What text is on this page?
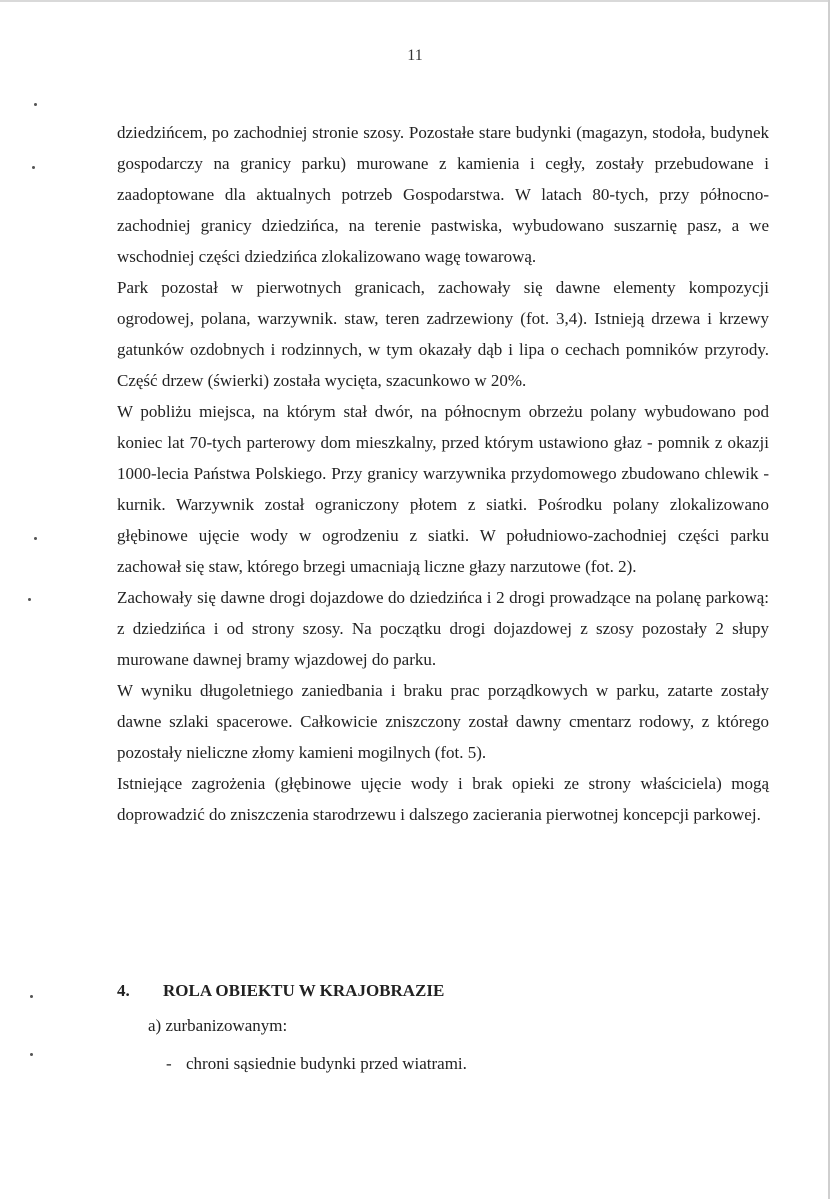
11

dziedzińcem, po zachodniej stronie szosy. Pozostałe stare budynki (magazyn, stodoła, budynek gospodarczy na granicy parku) murowane z kamienia i cegły, zostały przebudowane i zaadoptowane dla aktualnych potrzeb Gospodarstwa. W latach 80-tych, przy północno-zachodniej granicy dziedzińca, na terenie pastwiska, wybudowano suszarnię pasz, a we wschodniej części dziedzińca zlokalizowano wagę towarową.

Park pozostał w pierwotnych granicach, zachowały się dawne elementy kompozycji ogrodowej, polana, warzywnik. staw, teren zadrzewiony (fot. 3,4). Istnieją drzewa i krzewy gatunków ozdobnych i rodzinnych, w tym okazały dąb i lipa o cechach pomników przyrody. Część drzew (świerki) została wycięta, szacunkowo w 20%.

W pobliżu miejsca, na którym stał dwór, na północnym obrzeżu polany wybudowano pod koniec lat 70-tych parterowy dom mieszkalny, przed którym ustawiono głaz - pomnik z okazji 1000-lecia Państwa Polskiego. Przy granicy warzywnika przydomowego zbudowano chlewik - kurnik. Warzywnik został ograniczony płotem z siatki. Pośrodku polany zlokalizowano głębinowe ujęcie wody w ogrodzeniu z siatki. W południowo-zachodniej części parku zachował się staw, którego brzegi umacniają liczne głazy narzutowe (fot. 2).

Zachowały się dawne drogi dojazdowe do dziedzińca i 2 drogi prowadzące na polanę parkową: z dziedzińca i od strony szosy. Na początku drogi dojazdowej z szosy pozostały 2 słupy murowane dawnej bramy wjazdowej do parku.

W wyniku długoletniego zaniedbania i braku prac porządkowych w parku, zatarte zostały dawne szlaki spacerowe. Całkowicie zniszczony został dawny cmentarz rodowy, z którego pozostały nieliczne złomy kamieni mogilnych (fot. 5).

Istniejące zagrożenia (głębinowe ujęcie wody i brak opieki ze strony właściciela) mogą doprowadzić do zniszczenia starodrzewu i dalszego zacierania pierwotnej koncepcji parkowej.

4. ROLA OBIEKTU W KRAJOBRAZIE
a) zurbanizowanym:
- chroni sąsiednie budynki przed wiatrami.
